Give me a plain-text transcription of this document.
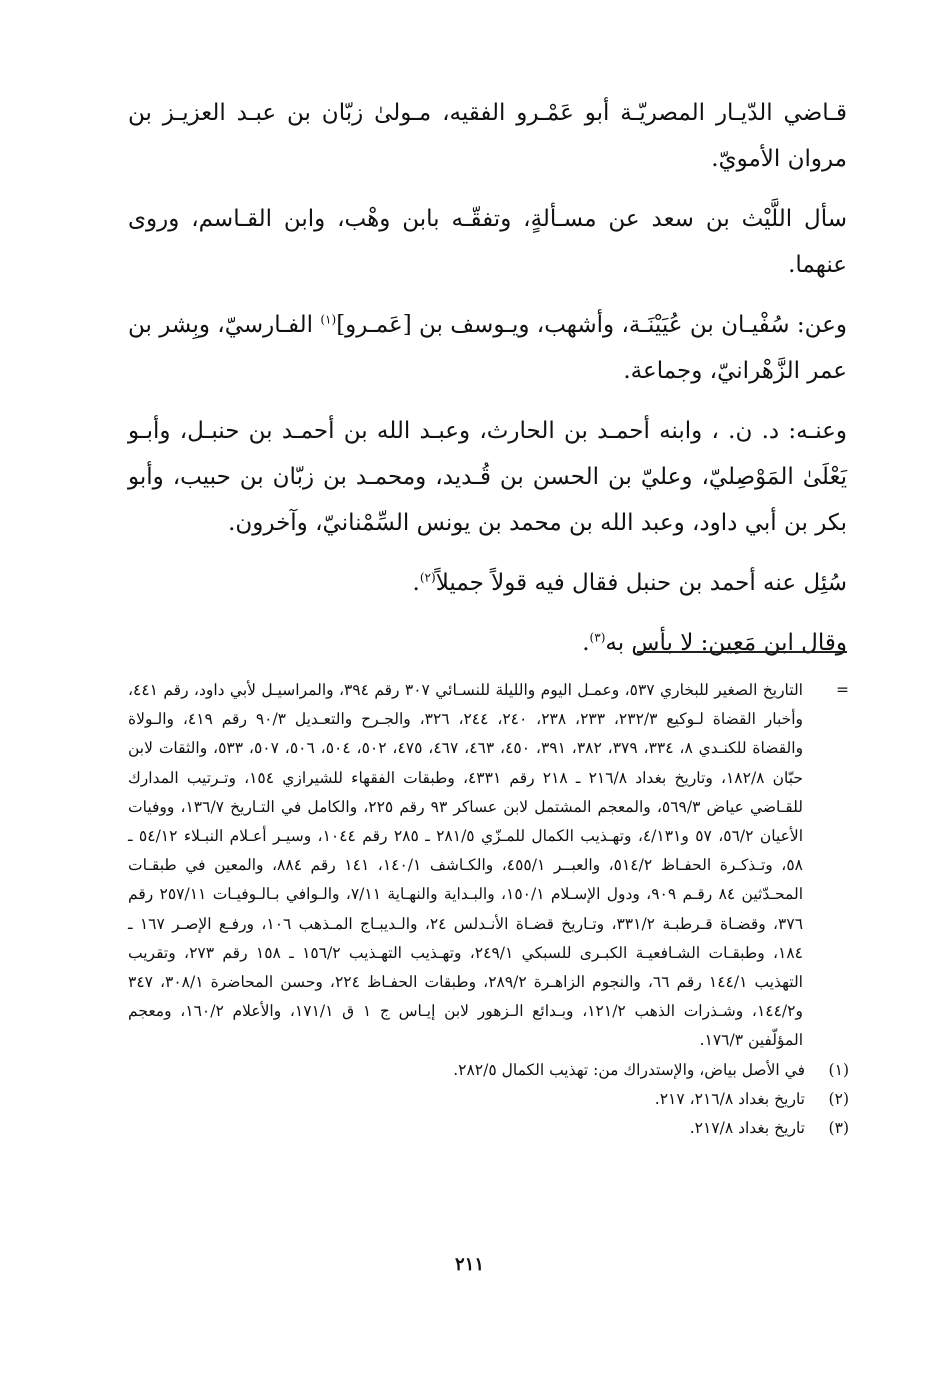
قـاضي الدّيـار المصريّـة أبو عَمْـرو الفقيه، مـولىٰ زبّان بن عبـد العزيـز بن مروان الأمويّ.

سأل اللَّيْث بن سعد عن مسـألةٍ، وتفقّـه بابن وهْب، وابن القـاسم، وروى عنهما.

وعن: سُفْيـان بن عُيَيْنَـة، وأشهب، ويـوسف بن [عَمـرو]$^{(١)}$ الفـارسيّ، وبِشر بن عمر الزَّهْرانيّ، وجماعة.

وعنـه: د. ن. ، وابنه أحمـد بن الحارث، وعبـد الله بن أحمـد بن حنبـل، وأبـو يَعْلَىٰ المَوْصِليّ، وعليّ بن الحسن بن قُـديد، ومحمـد بن زبّان بن حبيب، وأبو بكر بن أبي داود، وعبد الله بن محمد بن يونس السِّمْنانيّ، وآخرون.

سُئِل عنه أحمد بن حنبل فقال فيه قولاً جميلاً$^{(٢)}$.

وقال ابن مَعِين: لا بأس به$^{(٣)}$.

=
التاريخ الصغير للبخاري ٥٣٧، وعمـل اليوم والليلة للنسـائي ٣٠٧ رقم ٣٩٤، والمراسيـل لأبي داود، رقم ٤٤١، وأخبار القضاة لـوكيع ٢٣٢/٣، ٢٣٣، ٢٣٨، ٢٤٠، ٢٤٤، ٣٢٦، والجـرح والتعـديل ٩٠/٣ رقم ٤١٩، والـولاة والقضاة للكنـدي ٨، ٣٣٤، ٣٧٩، ٣٨٢، ٣٩١، ٤٥٠، ٤٦٣، ٤٦٧، ٤٧٥، ٥٠٢، ٥٠٤، ٥٠٦، ٥٠٧، ٥٣٣، والثقات لابن حبّان ١٨٢/٨، وتاريخ بغداد ٢١٦/٨ ـ ٢١٨ رقم ٤٣٣١، وطبقات الفقهاء للشيرازي ١٥٤، وتـرتيب المدارك للقـاضي عياض ٥٦٩/٣، والمعجم المشتمل لابن عساكر ٩٣ رقم ٢٢٥، والكامل في التـاريخ ١٣٦/٧، ووفيات الأعيان ٥٦/٢، ٥٧ و٤/١٣١، وتهـذيب الكمال للمـزّي ٢٨١/٥ ـ ٢٨٥ رقم ١٠٤٤، وسيـر أعـلام النبـلاء ٥٤/١٢ ـ ٥٨، وتـذكـرة الحفـاظ ٥١٤/٢، والعبــر ٤٥٥/١، والكـاشف ١٤٠/١، ١٤١ رقم ٨٨٤، والمعين في طبقـات المحـدّثين ٨٤ رقـم ٩٠٩، ودول الإسـلام ١٥٠/١، والبـداية والنهـاية ٧/١١، والـوافي بـالـوفيـات ٢٥٧/١١ رقم ٣٧٦، وقضـاة قـرطبـة ٣٣١/٢، وتـاريخ قضـاة الأنـدلس ٢٤، والـديبـاج المـذهب ١٠٦، ورفـع الإصـر ١٦٧ ـ ١٨٤، وطبقـات الشـافعيـة الكبـرى للسبكي ٢٤٩/١، وتهـذيب التهـذيب ١٥٦/٢ ـ ١٥٨ رقم ٢٧٣، وتقريب التهذيب ١٤٤/١ رقم ٦٦، والنجوم الزاهـرة ٢٨٩/٢، وطبقات الحفـاظ ٢٢٤، وحسن المحاضرة ٣٠٨/١، ٣٤٧ و١٤٤/٢، وشـذرات الذهب ١٢١/٢، وبـدائع الـزهور لابن إيـاس ج ١ ق ١٧١/١، والأعلام ١٦٠/٢، ومعجم المؤلّفين ١٧٦/٣.
(١)
في الأصل بياض، والإستدراك من: تهذيب الكمال ٢٨٢/٥.
(٢)
تاريخ بغداد ٢١٦/٨، ٢١٧.
(٣)
تاريخ بغداد ٢١٧/٨.
٢١١
